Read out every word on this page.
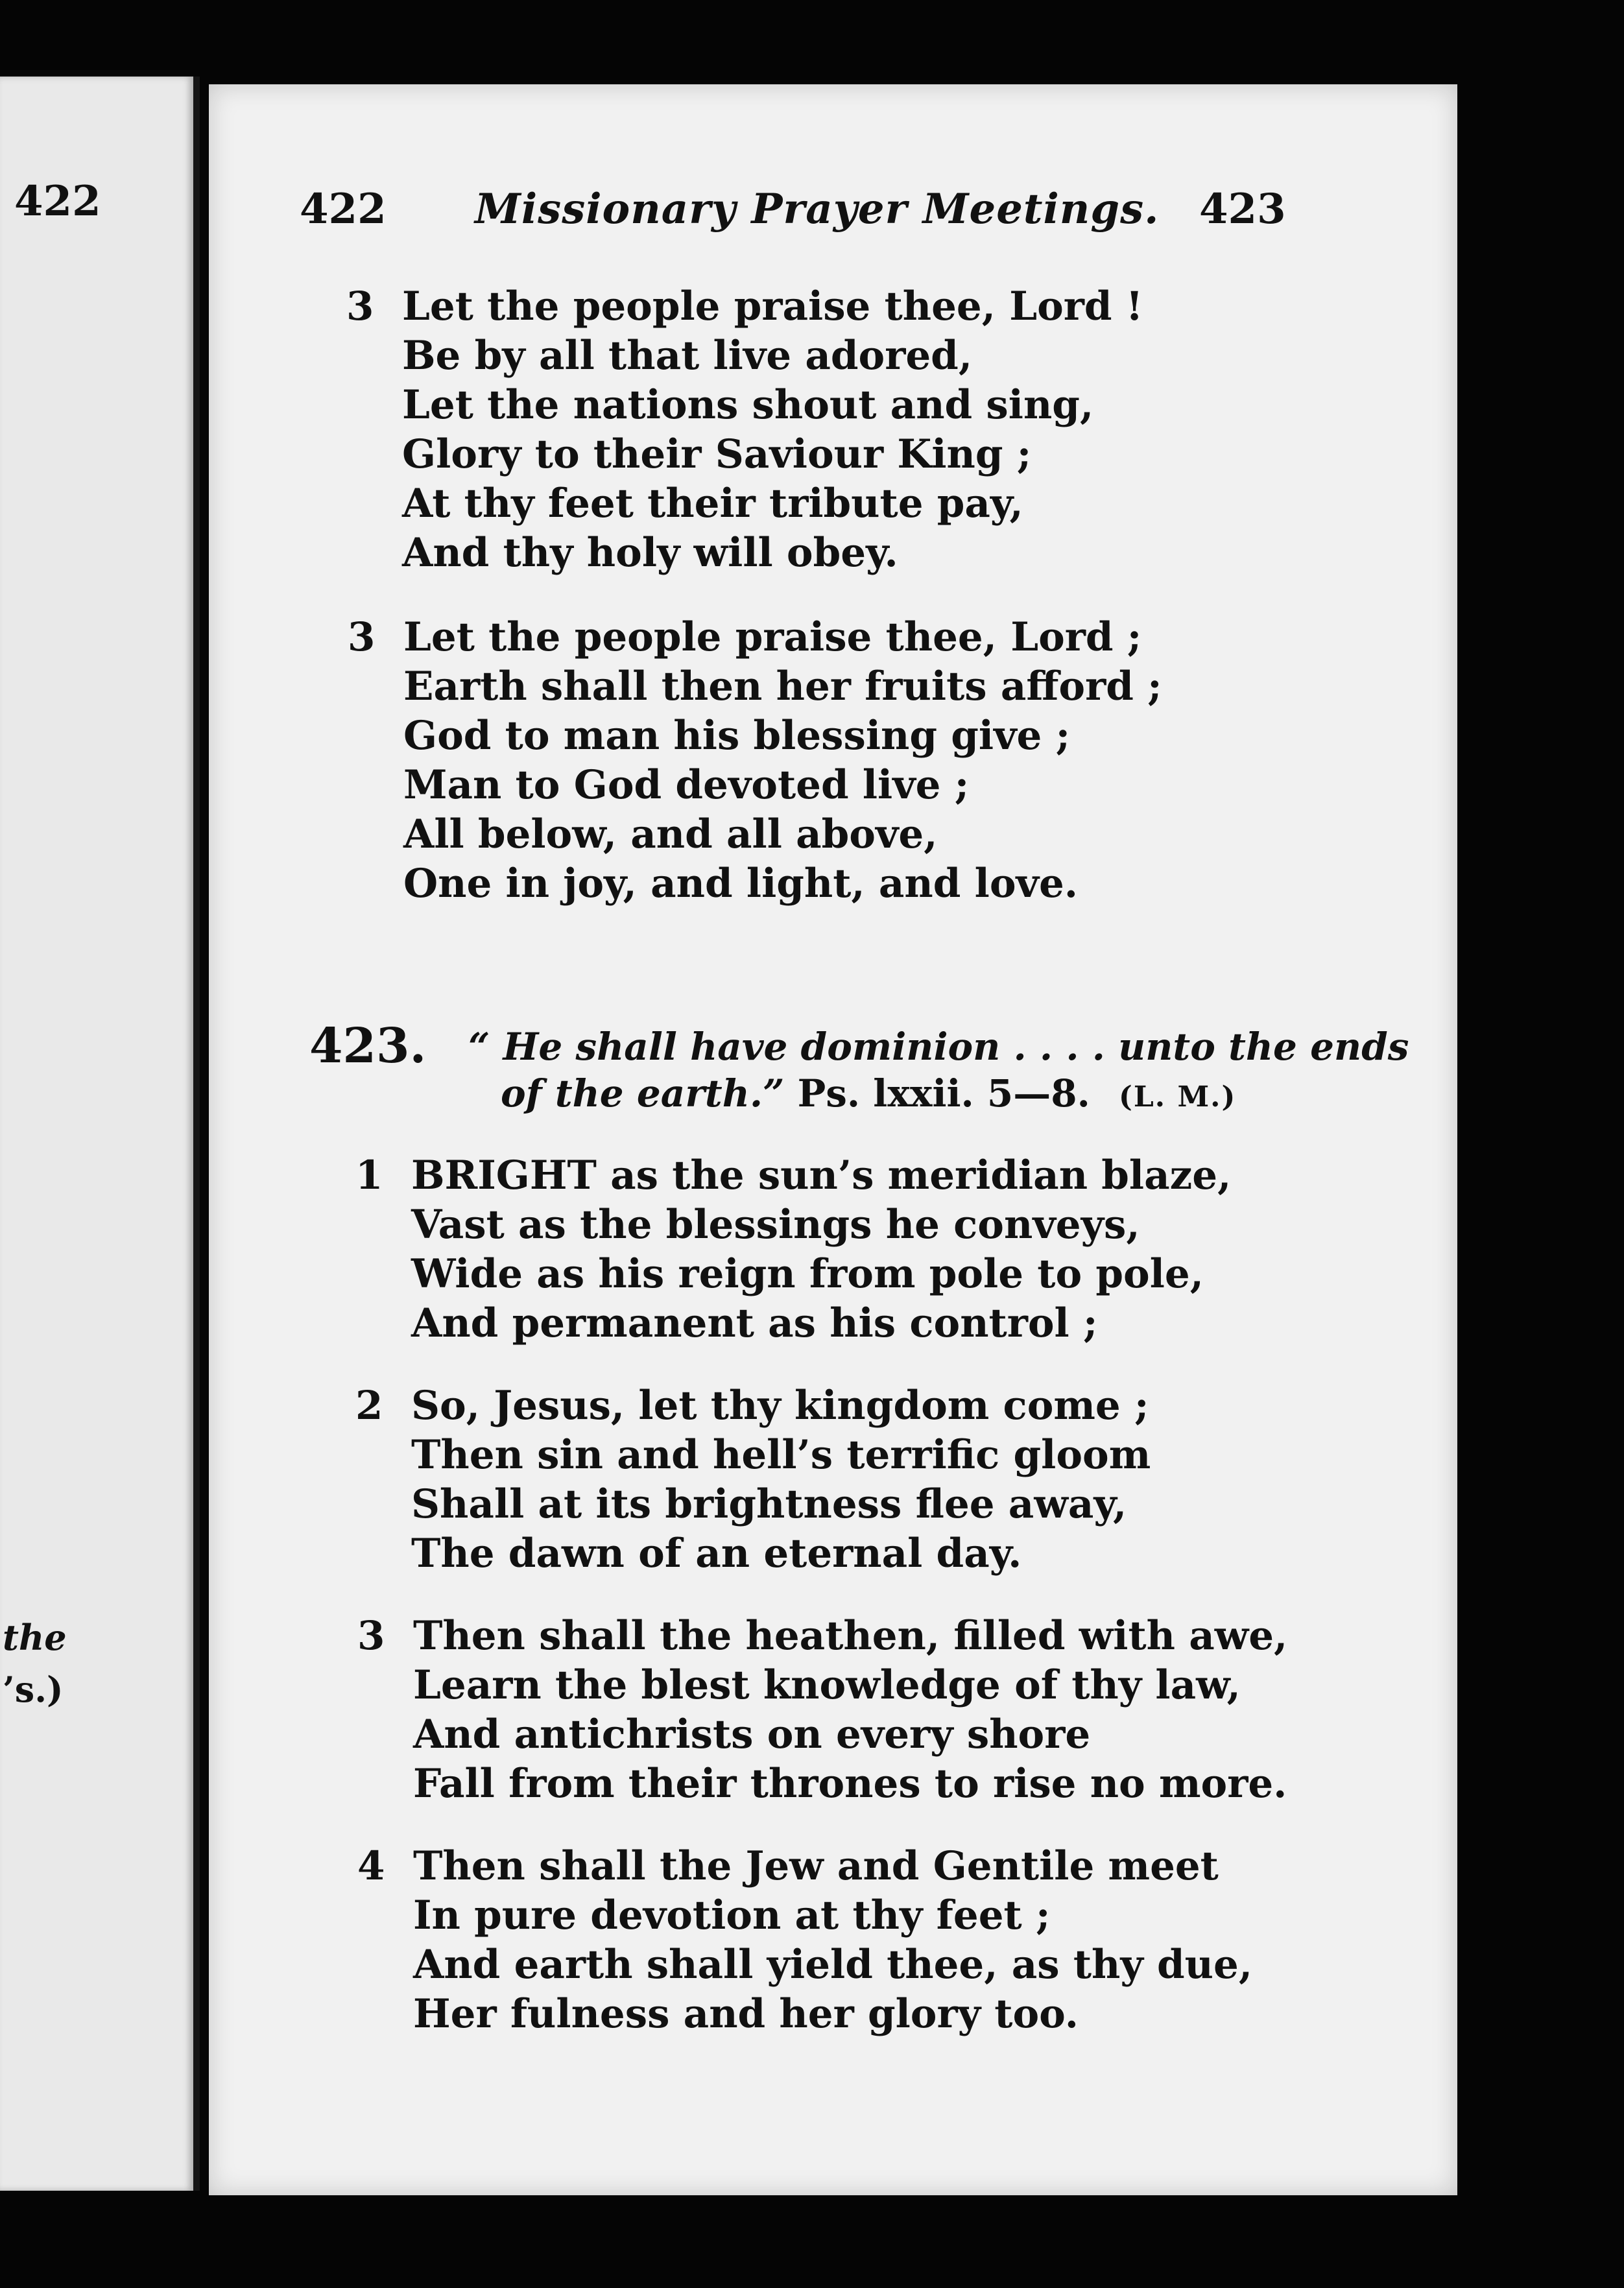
422
the
’s.)
422 Missionary Prayer Meetings. 423
3 Let the people praise thee, Lord !
Be by all that live adored,
Let the nations shout and sing,
Glory to their Saviour King ;
At thy feet their tribute pay,
And thy holy will obey.
3 Let the people praise thee, Lord ;
Earth shall then her fruits afford ;
God to man his blessing give ;
Man to God devoted live ;
All below, and all above,
One in joy, and light, and love.
423. “ He shall have dominion . . . . unto the ends
of the earth.” Ps. lxxii. 5—8. (L. M.)
1 BRIGHT as the sun’s meridian blaze,
Vast as the blessings he conveys,
Wide as his reign from pole to pole,
And permanent as his control ;
2 So, Jesus, let thy kingdom come ;
Then sin and hell’s terrific gloom
Shall at its brightness flee away,
The dawn of an eternal day.
3 Then shall the heathen, filled with awe,
Learn the blest knowledge of thy law,
And antichrists on every shore
Fall from their thrones to rise no more.
4 Then shall the Jew and Gentile meet
In pure devotion at thy feet ;
And earth shall yield thee, as thy due,
Her fulness and her glory too.
